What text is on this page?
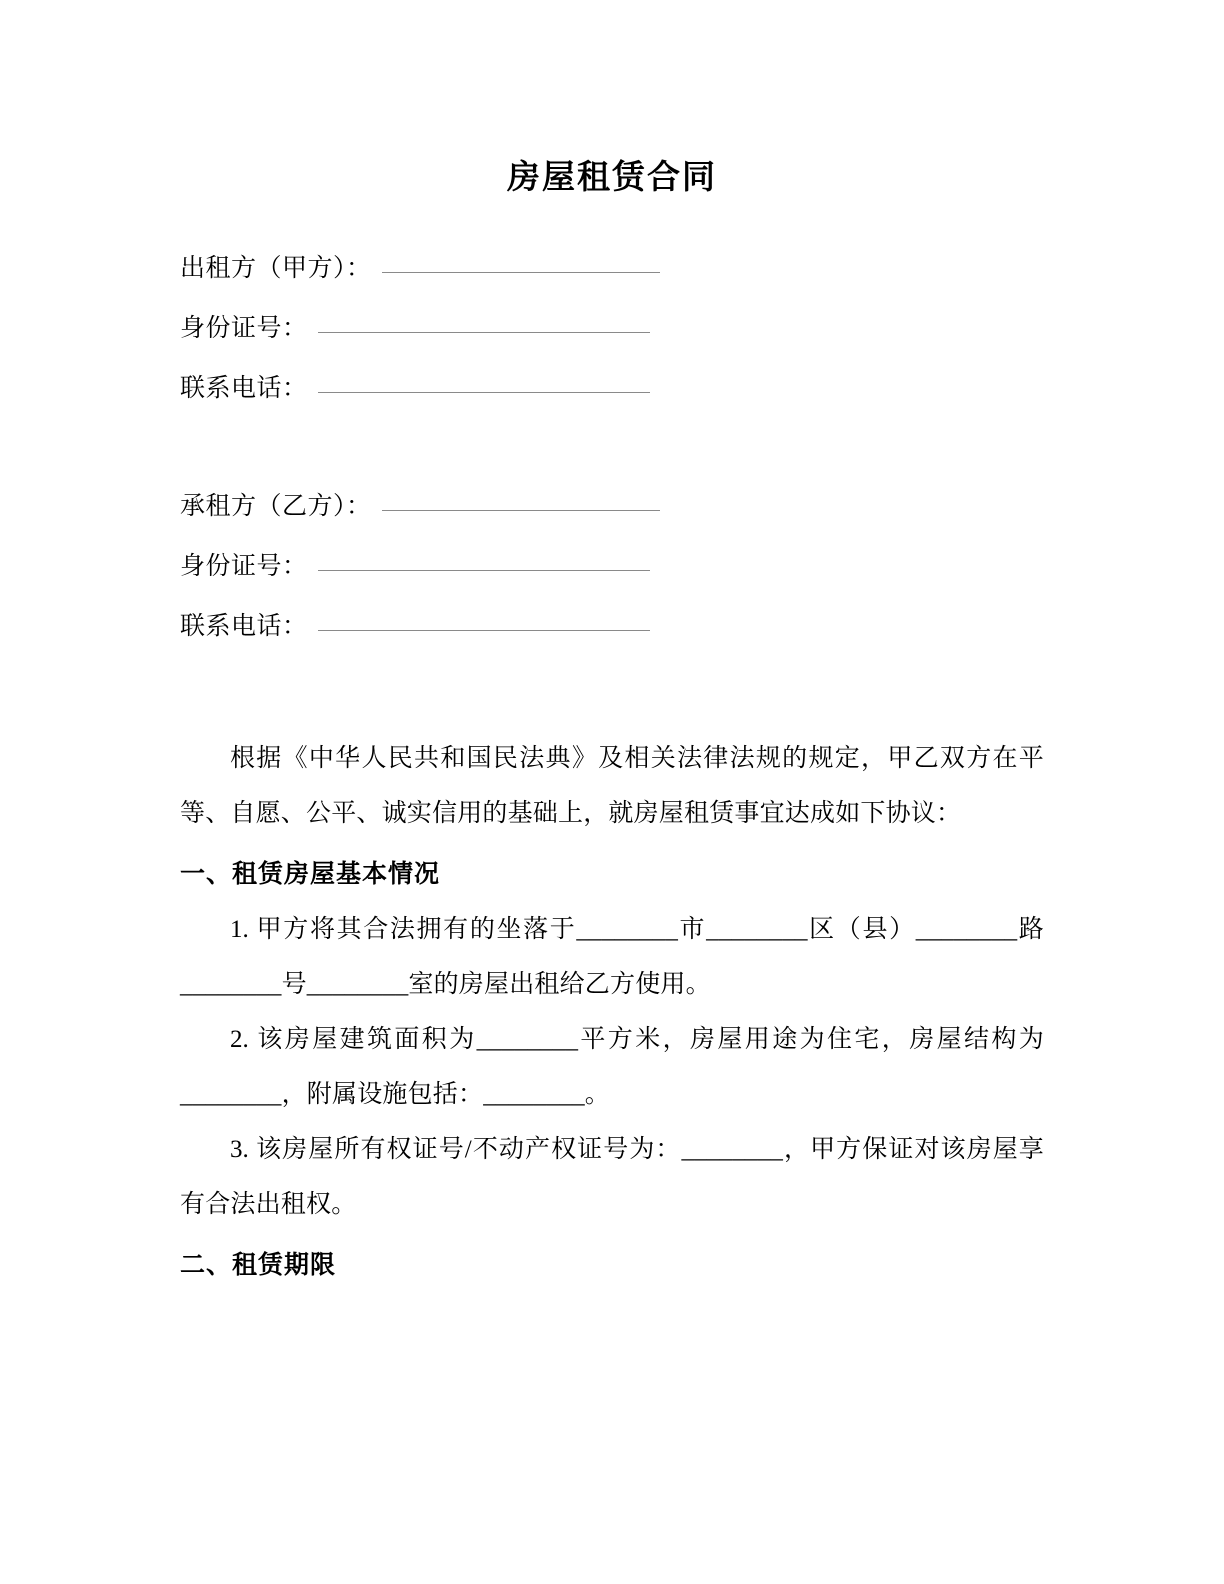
房屋租赁合同
出租方（甲方）：
身份证号：
联系电话：
承租方（乙方）：
身份证号：
联系电话：

根据《中华人民共和国民法典》及相关法律法规的规定，甲乙双方在平等、自愿、公平、诚实信用的基础上，就房屋租赁事宜达成如下协议：

一、租赁房屋基本情况

1. 甲方将其合法拥有的坐落于________市________区（县）________路________号________室的房屋出租给乙方使用。

2. 该房屋建筑面积为________平方米，房屋用途为住宅，房屋结构为________，附属设施包括：________。

3. 该房屋所有权证号/不动产权证号为：________，甲方保证对该房屋享有合法出租权。

二、租赁期限
